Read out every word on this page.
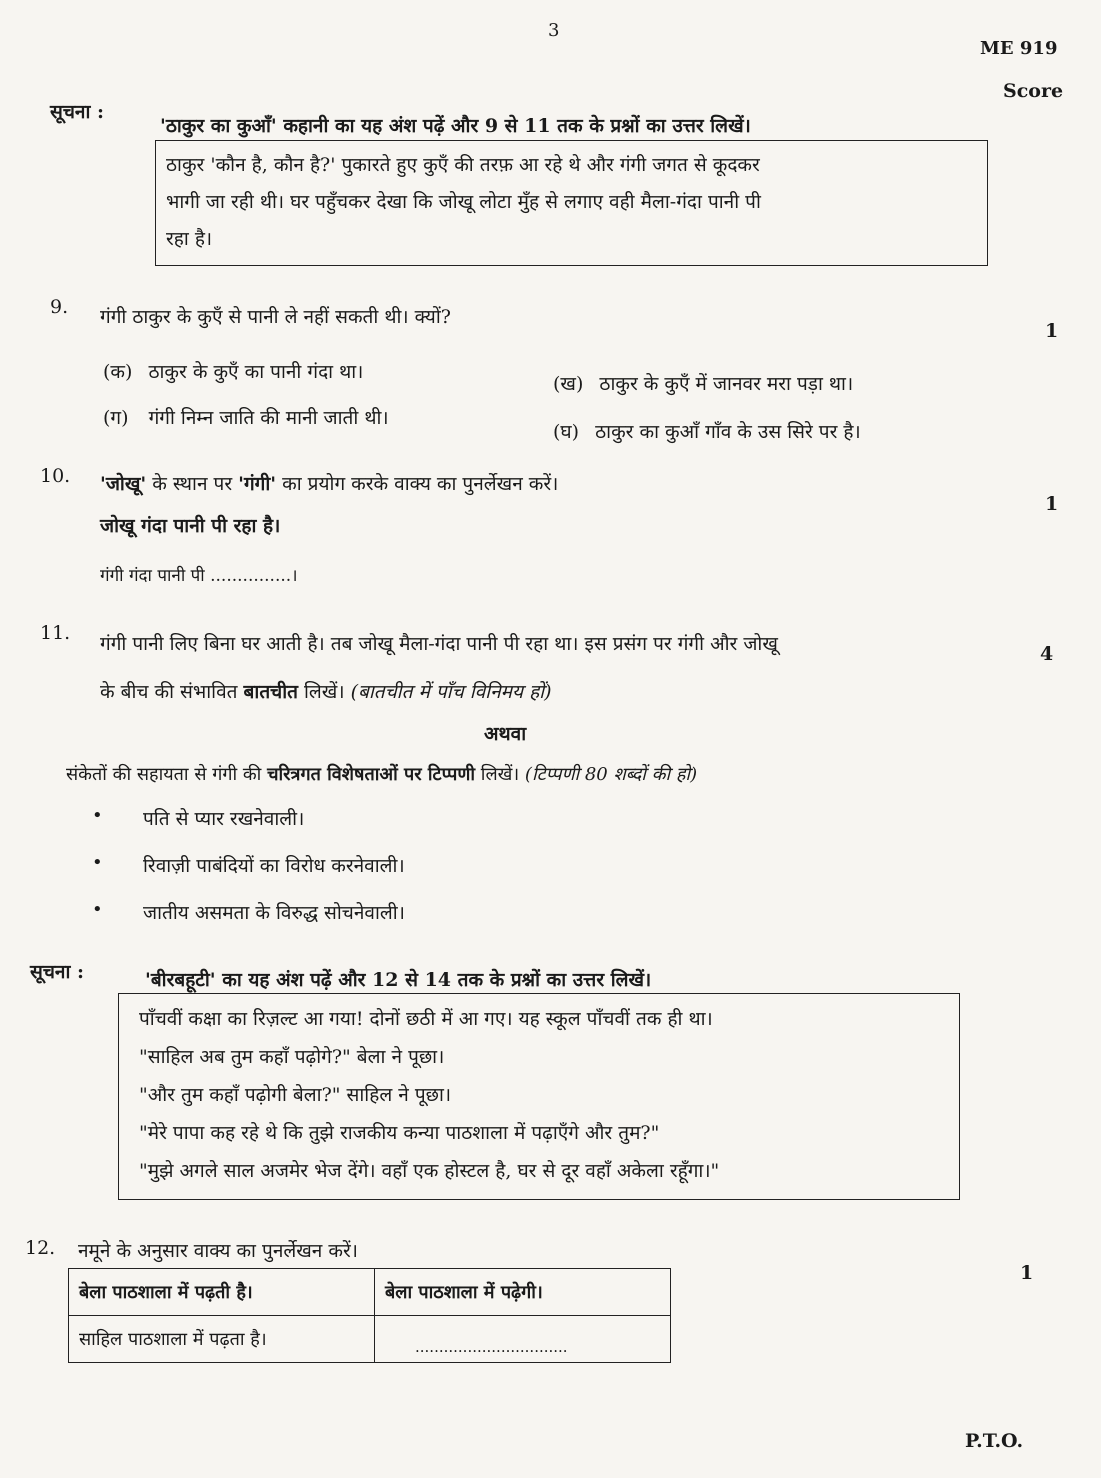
3
ME 919
Score
सूचना :
'ठाकुर का कुआँ' कहानी का यह अंश पढ़ें और 9 से 11 तक के प्रश्नों का उत्तर लिखें।

ठाकुर 'कौन है, कौन है?' पुकारते हुए कुएँ की तरफ़ आ रहे थे और गंगी जगत से कूदकर

भागी जा रही थी। घर पहुँचकर देखा कि जोखू लोटा मुँह से लगाए वही मैला-गंदा पानी पी

रहा है।

9. गंगी ठाकुर के कुएँ से पानी ले नहीं सकती थी। क्यों?
1
(क) ठाकुर के कुएँ का पानी गंदा था।
(ख) ठाकुर के कुएँ में जानवर मरा पड़ा था।
(ग) गंगी निम्न जाति की मानी जाती थी।
(घ) ठाकुर का कुआँ गाँव के उस सिरे पर है।
10. 'जोखू' के स्थान पर 'गंगी' का प्रयोग करके वाक्य का पुनर्लेखन करें।
1
जोखू गंदा पानी पी रहा है।
गंगी गंदा पानी पी ...............।
11. गंगी पानी लिए बिना घर आती है। तब जोखू मैला-गंदा पानी पी रहा था। इस प्रसंग पर गंगी और जोखू	4
के बीच की संभावित बातचीत लिखें। (बातचीत में पाँच विनिमय हों)
अथवा
संकेतों की सहायता से गंगी की चरित्रगत विशेषताओं पर टिप्पणी लिखें। (टिप्पणी 80 शब्दों की हो)
• पति से प्यार रखनेवाली।
• रिवाज़ी पाबंदियों का विरोध करनेवाली।
• जातीय असमता के विरुद्ध सोचनेवाली।
सूचना :	'बीरबहूटी' का यह अंश पढ़ें और 12 से 14 तक के प्रश्नों का उत्तर लिखें।

पाँचवीं कक्षा का रिज़ल्ट आ गया! दोनों छठी में आ गए। यह स्कूल पाँचवीं तक ही था।

"साहिल अब तुम कहाँ पढ़ोगे?" बेला ने पूछा।

"और तुम कहाँ पढ़ोगी बेला?" साहिल ने पूछा।

"मेरे पापा कह रहे थे कि तुझे राजकीय कन्या पाठशाला में पढ़ाएँगे और तुम?"

"मुझे अगले साल अजमेर भेज देंगे। वहाँ एक होस्टल है, घर से दूर वहाँ अकेला रहूँगा।"

12. नमूने के अनुसार वाक्य का पुनर्लेखन करें।
1
बेला पाठशाला में पढ़ती है।	बेला पाठशाला में पढ़ेगी।
साहिल पाठशाला में पढ़ता है।	................................
P.T.O.
